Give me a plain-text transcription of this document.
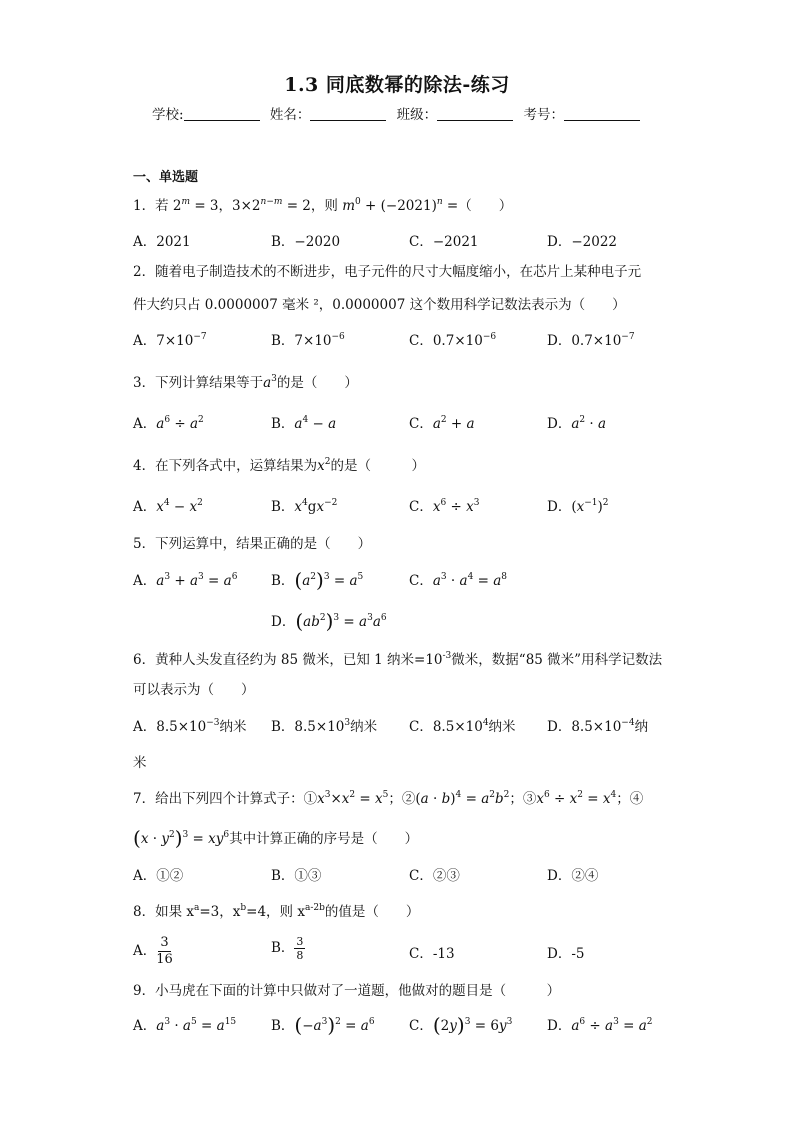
1.3 同底数幂的除法-练习
学校:	姓名：	班级：	考号：
一、单选题
1．若 $2^m = 3$，$3\times 2^{n-m} = 2$，则 $m^0 + (-2021)^n$ =（　　）
A．2021	B．−2020	C．−2021	D．−2022
2．随着电子制造技术的不断进步，电子元件的尺寸大幅度缩小，在芯片上某种电子元
件大约只占 0.0000007 毫米 ²，0.0000007 这个数用科学记数法表示为（　　）
A．$7\times 10^{-7}$	B．$7\times 10^{-6}$	C．$0.7\times 10^{-6}$	D．$0.7\times 10^{-7}$
3．下列计算结果等于$a^3$的是（　　）
A．$a^6 \div a^2$	B．$a^4 - a$	C．$a^2 + a$	D．$a^2 \cdot a$
4．在下列各式中，运算结果为$x^2$的是（　　　）
A．$x^4 - x^2$	B．$x^4gx^{-2}$	C．$x^6 \div x^3$	D．$(x^{-1})^2$
5．下列运算中，结果正确的是（　　）
A．$a^3 + a^3 = a^6$ B．$(a^2)^3 = a^5$	C．$a^3 \cdot a^4 = a^8$
D．$(ab^2)^3 = a^3a^6$
6．黄种人头发直径约为 85 微米，已知 1 纳米$=10^{-3}$微米，数据“85 微米”用科学记数法
可以表示为（　　）
A．$8.5\times 10^{-3}$纳米 B．$8.5\times 10^3$纳米 C．$8.5\times 10^4$纳米 D．$8.5\times 10^{-4}$纳
米
7．给出下列四个计算式子：$①x^3\times x^2 = x^5$；②(a · $b)^4 = a^2b^2$；$③x^6 \div x^2 = x^4$；④
$(x \cdot y^2)^3 = xy^6$其中计算正确的序号是（　　）
A．①②	B．①③	C．②③	D．②④
8．如果 $x^a=3$，$x^b=4$，则 $x^{a-2b}$的值是（　　）
A． $\frac{3}{16}$	B． $\frac{3}{8}$	C．-13	D．-5
9．小马虎在下面的计算中只做对了一道题，他做对的题目是（　　　）
A．$a^3 \cdot a^5 = a^{15}$	B．$(-a^3)^2 = a^6$	C．$(2y)^3 = 6y^3$	D．$a^6 \div a^3 = a^2$
